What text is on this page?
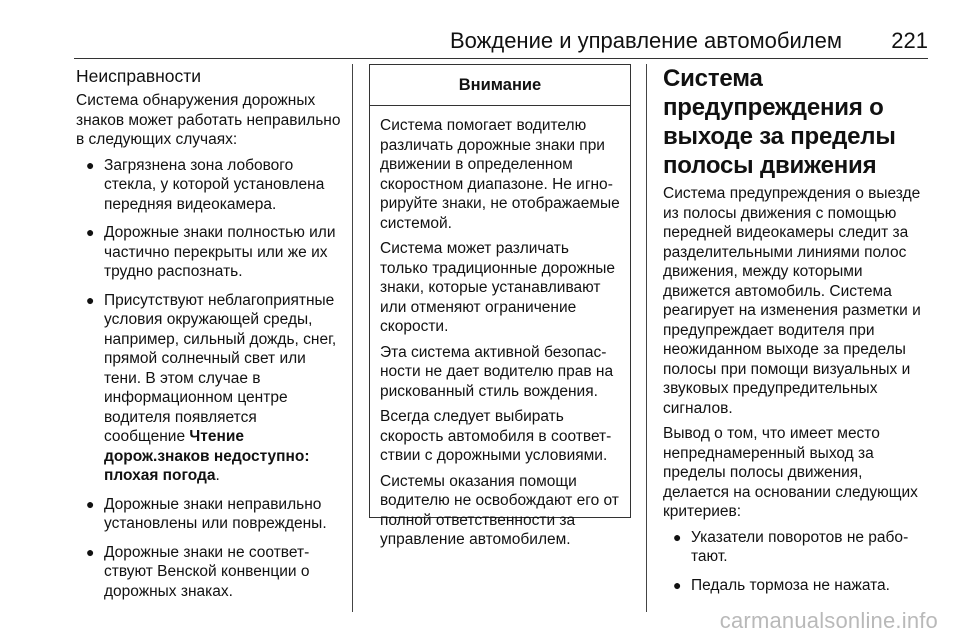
Вождение и управление автомобилем 221
Неисправности

Система обнаружения дорожных знаков может работать неправильно в следующих случаях:

● Загрязнена зона лобового стекла, у которой установлена передняя видеокамера.
● Дорожные знаки полностью или частично перекрыты или же их трудно распознать.
● Присутствуют неблагоприятные условия окружающей среды, например, сильный дождь, снег, прямой солнечный свет или тени. В этом случае в информационном центре водителя появляется сообщение Чтение дорож.знаков недоступно: плохая погода.
● Дорожные знаки неправильно установлены или повреждены.
● Дорожные знаки не соответствуют Венской конвенции о дорожных знаках.
Внимание

Система помогает водителю различать дорожные знаки при движении в определенном скоростном диапазоне. Не игнорируйте знаки, не отображаемые системой.

Система может различать только традиционные дорожные знаки, которые устанавливают или отменяют ограничение скорости.

Эта система активной безопасности не дает водителю прав на рискованный стиль вождения.

Всегда следует выбирать скорость автомобиля в соответствии с дорожными условиями.

Системы оказания помощи водителю не освобождают его от полной ответственности за управление автомобилем.

Система предупреждения о выходе за пределы полосы движения

Система предупреждения о выезде из полосы движения с помощью передней видеокамеры следит за разделительными линиями полос движения, между которыми движется автомобиль. Система реагирует на изменения разметки и предупреждает водителя при неожиданном выходе за пределы полосы при помощи визуальных и звуковых предупредительных сигналов.

Вывод о том, что имеет место непреднамеренный выход за пределы полосы движения, делается на основании следующих критериев:

● Указатели поворотов не работают.
● Педаль тормоза не нажата.
carmanualsonline.info
